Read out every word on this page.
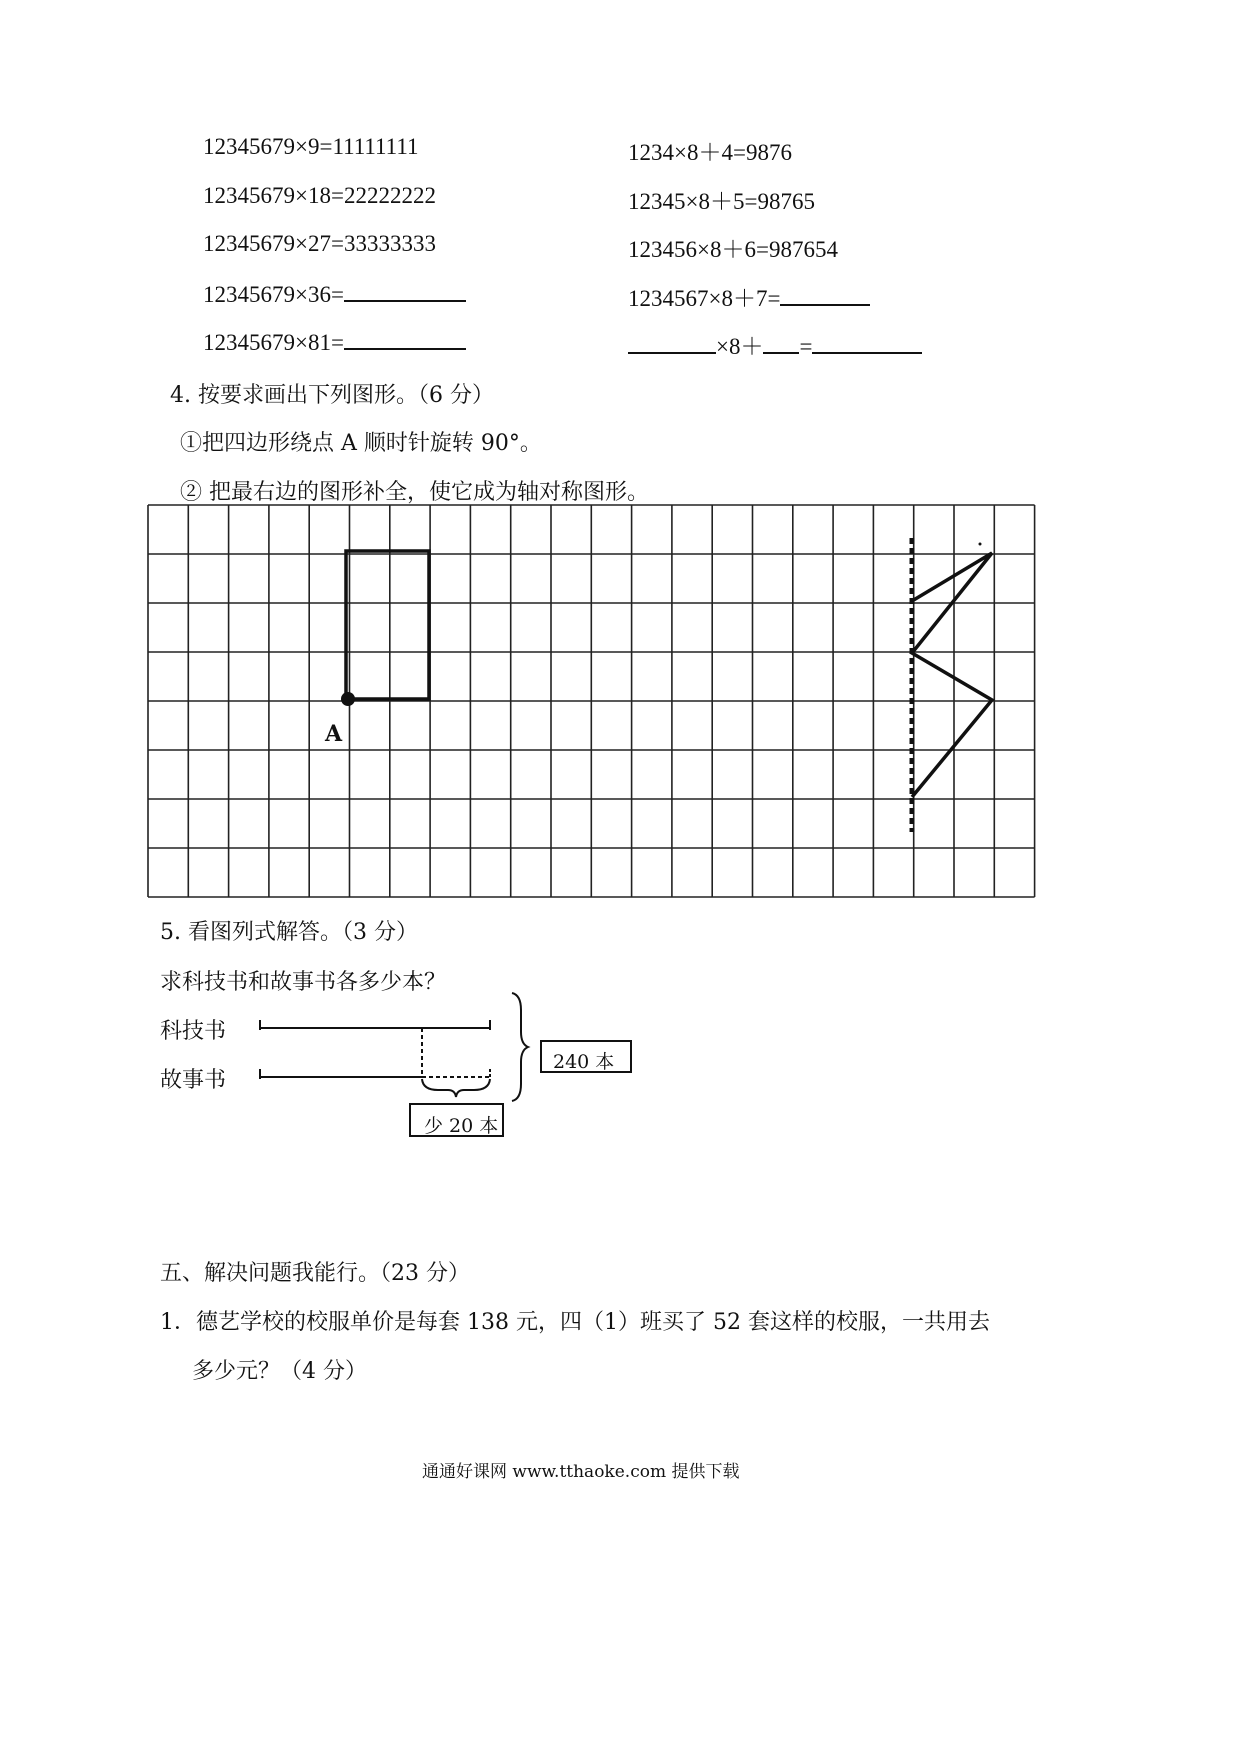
12345679×9=11111111
12345679×18=22222222
12345679×27=33333333
12345679×36=
12345679×81=
1234×8＋4=9876
12345×8＋5=98765
123456×8＋6=987654
1234567×8＋7=
×8＋ =
4. 按要求画出下列图形。（6 分）
①把四边形绕点 A 顺时针旋转 90°。
② 把最右边的图形补全，使它成为轴对称图形。
A
240 本
少 20 本
5. 看图列式解答。（3 分）
求科技书和故事书各多少本？
科技书
故事书
五、解决问题我能行。（23 分）
1．德艺学校的校服单价是每套 138 元，四（1）班买了 52 套这样的校服，一共用去
多少元？（4 分）
通通好课网 www.tthaoke.com 提供下载
